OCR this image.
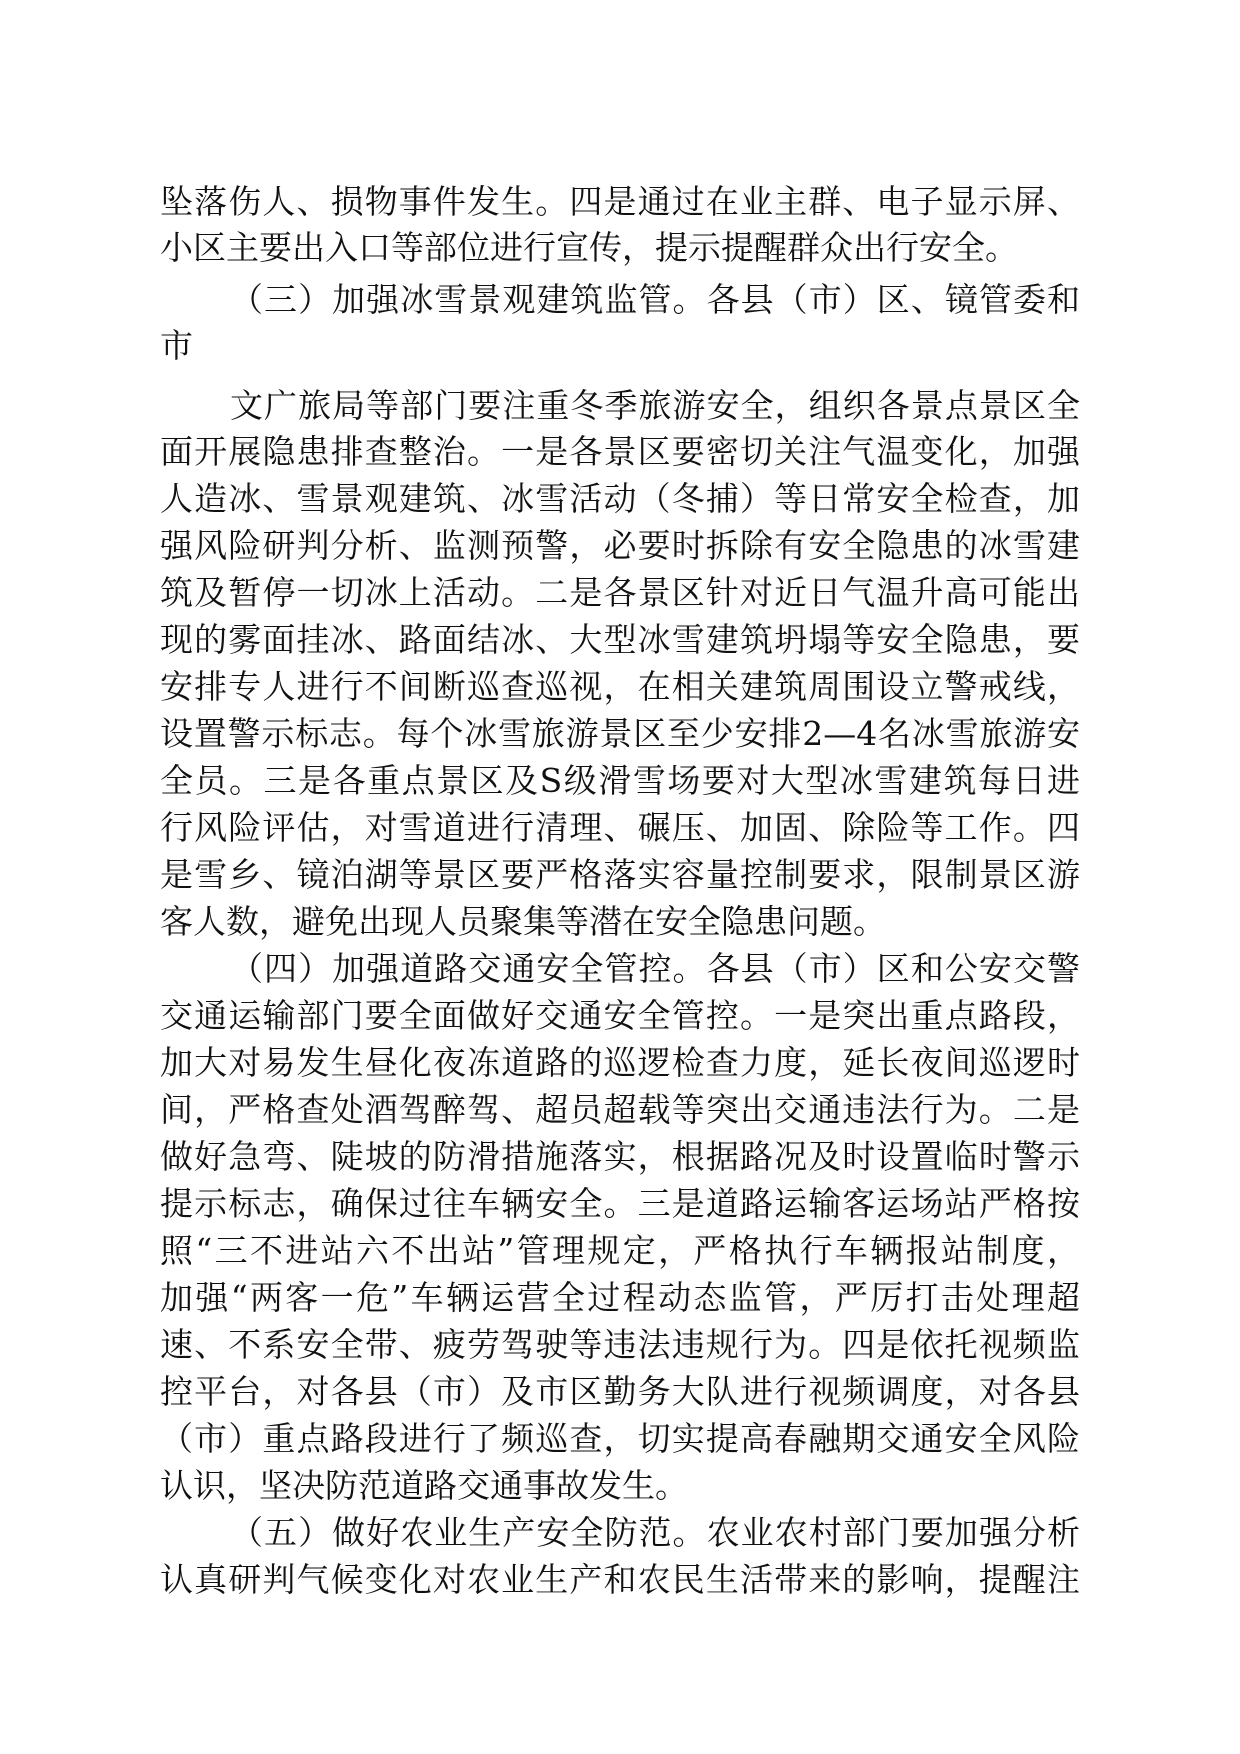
坠落伤人、损物事件发生。四是通过在业主群、电子显示屏、
小区主要出入口等部位进行宣传，提示提醒群众出行安全。
（三）加强冰雪景观建筑监管。各县（市）区、镜管委和
市
文广旅局等部门要注重冬季旅游安全，组织各景点景区全
面开展隐患排查整治。一是各景区要密切关注气温变化，加强
人造冰、雪景观建筑、冰雪活动（冬捕）等日常安全检查，加
强风险研判分析、监测预警，必要时拆除有安全隐患的冰雪建
筑及暂停一切冰上活动。二是各景区针对近日气温升高可能出
现的雾面挂冰、路面结冰、大型冰雪建筑坍塌等安全隐患，要
安排专人进行不间断巡查巡视，在相关建筑周围设立警戒线，
设置警示标志。每个冰雪旅游景区至少安排2—4名冰雪旅游安
全员。三是各重点景区及S级滑雪场要对大型冰雪建筑每日进
行风险评估，对雪道进行清理、碾压、加固、除险等工作。四
是雪乡、镜泊湖等景区要严格落实容量控制要求，限制景区游
客人数，避免出现人员聚集等潜在安全隐患问题。
（四）加强道路交通安全管控。各县（市）区和公安交警
交通运输部门要全面做好交通安全管控。一是突出重点路段，
加大对易发生昼化夜冻道路的巡逻检查力度，延长夜间巡逻时
间，严格查处酒驾醉驾、超员超载等突出交通违法行为。二是
做好急弯、陡坡的防滑措施落实，根据路况及时设置临时警示
提示标志，确保过往车辆安全。三是道路运输客运场站严格按
照“三不进站六不出站”管理规定，严格执行车辆报站制度，
加强“两客一危”车辆运营全过程动态监管，严厉打击处理超
速、不系安全带、疲劳驾驶等违法违规行为。四是依托视频监
控平台，对各县（市）及市区勤务大队进行视频调度，对各县
（市）重点路段进行了频巡查，切实提高春融期交通安全风险
认识，坚决防范道路交通事故发生。
（五）做好农业生产安全防范。农业农村部门要加强分析
认真研判气候变化对农业生产和农民生活带来的影响，提醒注
